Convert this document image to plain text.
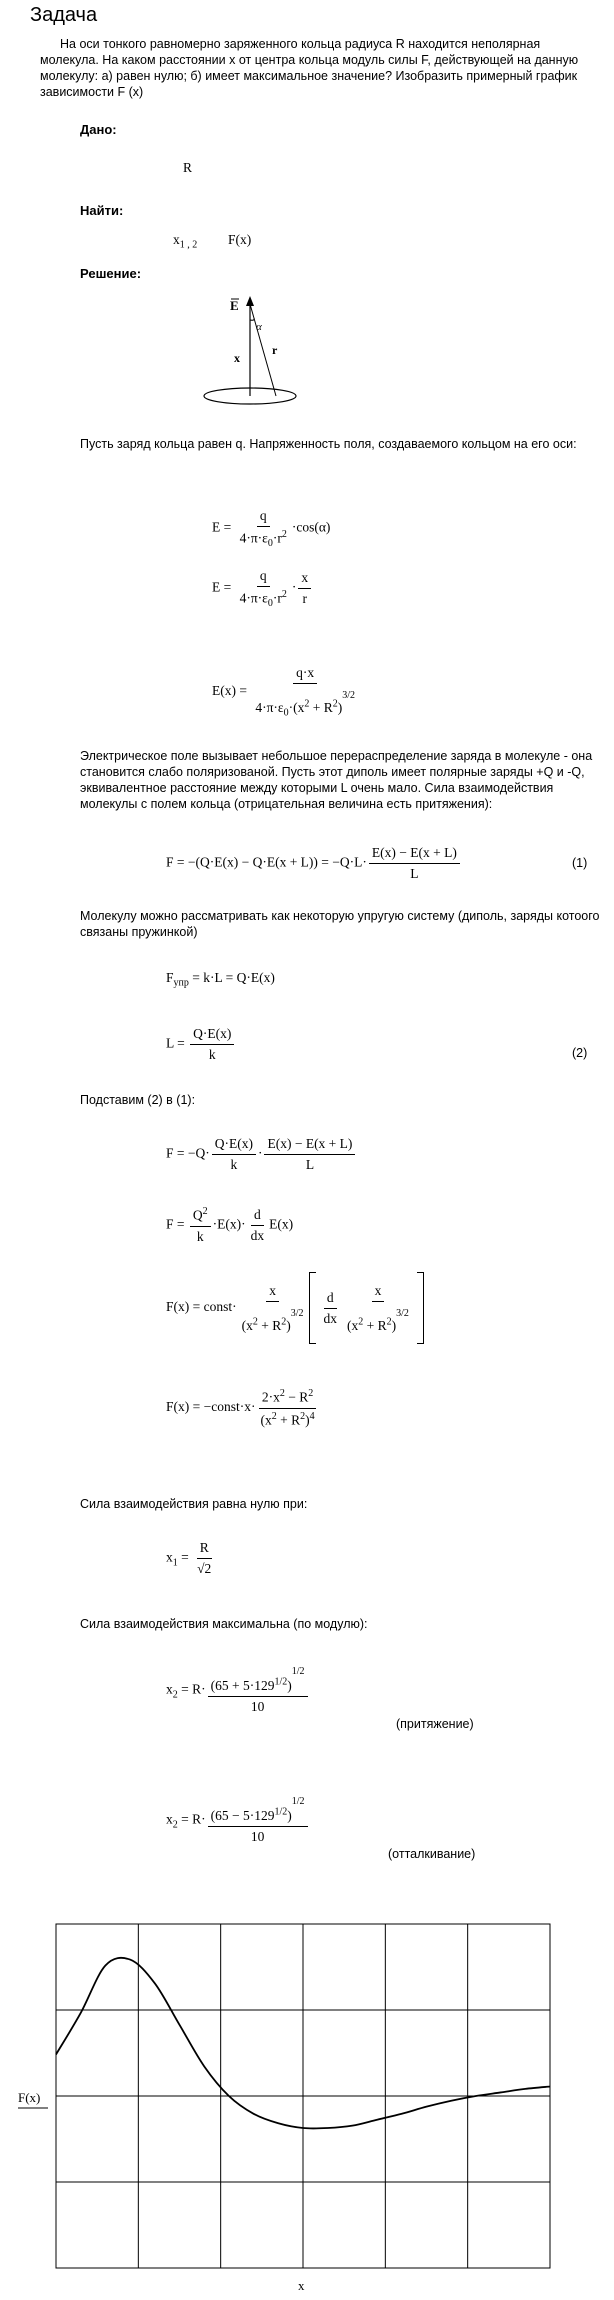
Задача
На оси тонкого равномерно заряженного кольца радиуса R находится неполярная молекула. На каком расстоянии x от центра кольца модуль силы F, действующей на данную молекулу: а) равен нулю; б) имеет максимальное значение? Изобразить примерный график зависимости F (x)
Дано:
R
Найти:
$x_{1 , 2}$ F(x)
Решение:
E
α
x
r
Пусть заряд кольца равен q. Напряженность поля, создаваемого кольцом на его оси:
$E = \frac{q}{4\cdot\pi\cdot\varepsilon_0\cdot r^2} \cdot\cos(\alpha)$
$E = \frac{q}{4\cdot\pi\cdot\varepsilon_0\cdot r^2} \cdot \frac{x}{r}$
$E(x) = \frac{q\cdot x}{4\cdot\pi\cdot\varepsilon_0\cdot(x^2 + R^2)^{3/2}}$
Электрическое поле вызывает небольшое перераспределение заряда в молекуле - она становится слабо поляризованой. Пусть этот диполь имеет полярные заряды +Q и -Q, эквивалентное расстояние между которыми L очень мало. Сила взаимодействия молекулы с полем кольца (отрицательная величина есть притяжения):
$F = -(Q\cdot E(x) - Q\cdot E(x + L)) = -Q\cdot L\cdot \frac{E(x) - E(x + L)}{L}$	(1)
Молекулу можно рассматривать как некоторую упругую систему (диполь, заряды котоого связаны пружинкой)
$F_{упр} = k\cdot L = Q\cdot E(x)$
$L = \frac{Q\cdot E(x)}{k}$	(2)
Подставим (2) в (1):
$F = -Q\cdot \frac{Q\cdot E(x)}{k} \cdot \frac{E(x) - E(x + L)}{L}$
$F = \frac{Q^2}{k} \cdot E(x)\cdot \frac{d}{dx} E(x)$
F(x) = const· $\frac{x}{(x^2 + R^2)^{3/2}} \frac{d}{dx} \frac{x}{(x^2 + R^2)^{3/2}}$
F(x) = −const·x· $\frac{2\cdot x^2 - R^2}{(x^2 + R^2)^4}$
Сила взаимодействия равна нулю при:
$x_1 = \frac{R}{√2}$
Сила взаимодействия максимальна (по модулю):
$x_2 = R\cdot \frac{(65 + 5\cdot 129^{1/2})^{1/2}}{10}$
(притяжение)
$x_2 = R\cdot \frac{(65 - 5\cdot 129^{1/2})^{1/2}}{10}$
(отталкивание)
F(x)
x
